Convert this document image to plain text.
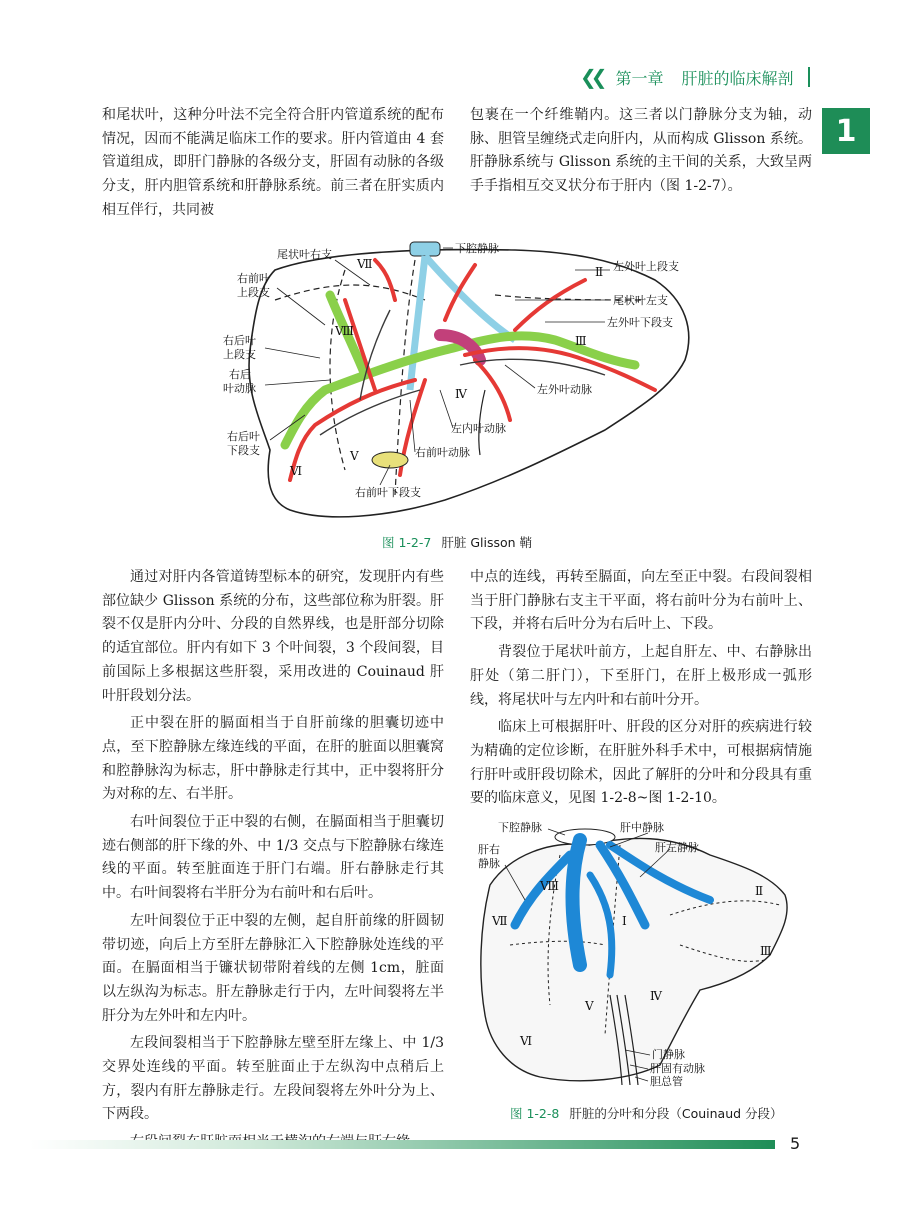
❮❮ 第一章 肝脏的临床解剖
1

和尾状叶，这种分叶法不完全符合肝内管道系统的配布情况，因而不能满足临床工作的要求。肝内管道由 4 套管道组成，即肝门静脉的各级分支，肝固有动脉的各级分支，肝内胆管系统和肝静脉系统。前三者在肝实质内相互伴行，共同被

包裹在一个纤维鞘内。这三者以门静脉分支为轴，动脉、胆管呈缠绕式走向肝内，从而构成 Glisson 系统。肝静脉系统与 Glisson 系统的主干间的关系，大致呈两手手指相互交叉状分布于肝内（图 1-2-7）。

Ⅶ
Ⅱ
Ⅷ
Ⅲ
Ⅳ
Ⅵ
Ⅴ
下腔静脉
尾状叶右支
右前叶
上段支
右后叶
上段支
右后
叶动脉
右后叶
下段支
左外叶上段支
尾状叶左支
左外叶下段支
左外叶动脉
左内叶动脉
右前叶动脉
右前叶下段支
图 1-2-7 肝脏 Glisson 鞘

通过对肝内各管道铸型标本的研究，发现肝内有些部位缺少 Glisson 系统的分布，这些部位称为肝裂。肝裂不仅是肝内分叶、分段的自然界线，也是肝部分切除的适宜部位。肝内有如下 3 个叶间裂，3 个段间裂，目前国际上多根据这些肝裂，采用改进的 Couinaud 肝叶肝段划分法。

正中裂在肝的膈面相当于自肝前缘的胆囊切迹中点，至下腔静脉左缘连线的平面，在肝的脏面以胆囊窝和腔静脉沟为标志，肝中静脉走行其中，正中裂将肝分为对称的左、右半肝。

右叶间裂位于正中裂的右侧，在膈面相当于胆囊切迹右侧部的肝下缘的外、中 1/3 交点与下腔静脉右缘连线的平面。转至脏面连于肝门右端。肝右静脉走行其中。右叶间裂将右半肝分为右前叶和右后叶。

左叶间裂位于正中裂的左侧，起自肝前缘的肝圆韧带切迹，向后上方至肝左静脉汇入下腔静脉处连线的平面。在膈面相当于镰状韧带附着线的左侧 1cm，脏面以左纵沟为标志。肝左静脉走行于内，左叶间裂将左半肝分为左外叶和左内叶。

左段间裂相当于下腔静脉左壁至肝左缘上、中 1/3 交界处连线的平面。转至脏面止于左纵沟中点稍后上方，裂内有肝左静脉走行。左段间裂将左外叶分为上、下两段。

中点的连线，再转至膈面，向左至正中裂。右段间裂相当于肝门静脉右支主干平面，将右前叶分为右前叶上、下段，并将右后叶分为右后叶上、下段。

背裂位于尾状叶前方，上起自肝左、中、右静脉出肝处（第二肝门），下至肝门，在肝上极形成一弧形线，将尾状叶与左内叶和右前叶分开。

临床上可根据肝叶、肝段的区分对肝的疾病进行较为精确的定位诊断，在肝脏外科手术中，可根据病情施行肝叶或肝段切除术，因此了解肝的分叶和分段具有重要的临床意义，见图 1-2-8~图 1-2-10。

Ⅷ
Ⅶ
Ⅱ
Ⅰ
Ⅲ
Ⅳ
Ⅴ
Ⅵ
下腔静脉	肝中静脉
肝左静脉
肝右
静脉
门静脉
肝固有动脉
胆总管
图 1-2-8 肝脏的分叶和分段（Couinaud 分段）
5
